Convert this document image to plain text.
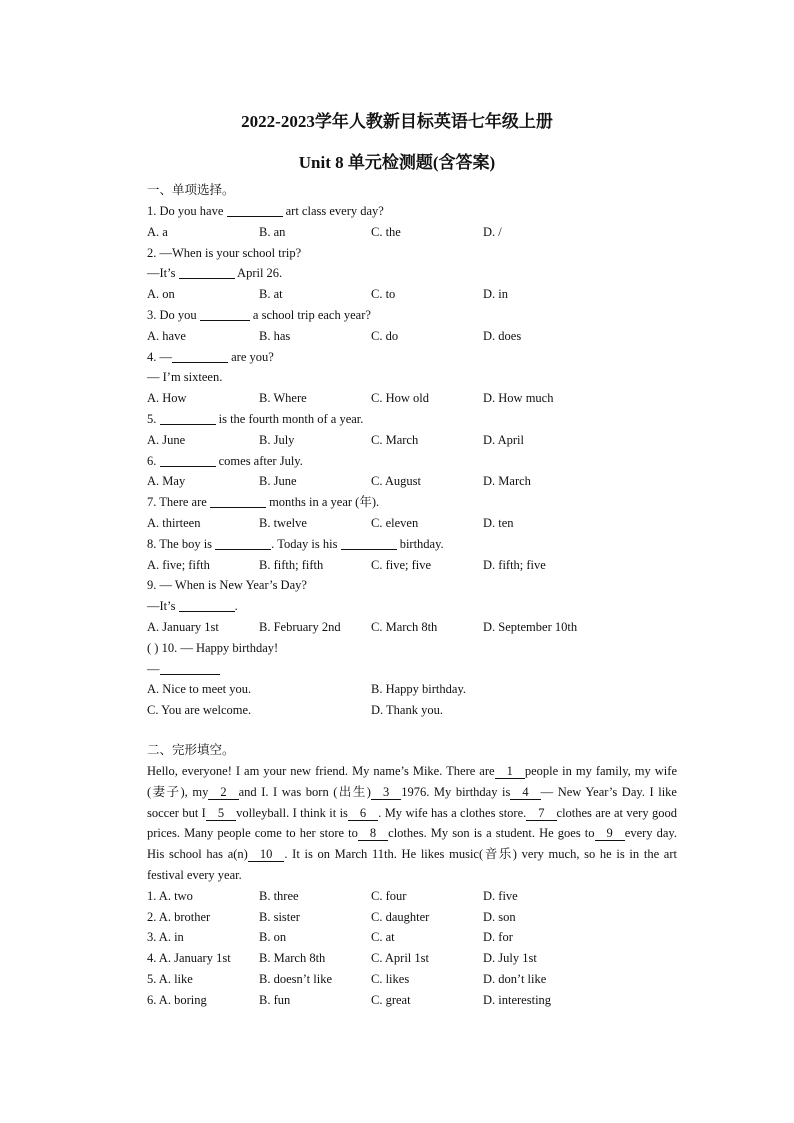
2022-2023学年人教新目标英语七年级上册
Unit 8 单元检测题(含答案)
一、单项选择。
1. Do you have	art class every day?
A. a	B. an	C. the	D. /
2. —When is your school trip?
—It’s	April 26.
A. on	B. at	C. to	D. in
3. Do you	a school trip each year?
A. have	B. has	C. do	D. does
4. —	are you?
— I’m sixteen.
A. How	B. Where	C. How old	D. How much
5.	is the fourth month of a year.
A. June	B. July	C. March	D. April
6.	comes after July.
A. May	B. June	C. August	D. March
7. There are	months in a year (年).
A. thirteen	B. twelve	C. eleven	D. ten
8. The boy is	. Today is his	birthday.
A. five; fifth	B. fifth; fifth	C. five; five	D. fifth; five
9. — When is New Year’s Day?
—It’s	.
A. January 1st	B. February 2nd	C. March 8th	D. September 10th
( ) 10. — Happy birthday!
—
A. Nice to meet you.	B. Happy birthday.
C. You are welcome.	D. Thank you.
二、完形填空。
Hello, everyone! I am your new friend. My name’s Mike. There are 1 people in my family, my wife (妻子), my 2 and I. I was born (出生) 3 1976. My birthday is 4 — New Year’s Day. I like soccer but I 5 volleyball. I think it is 6 . My wife has a clothes store. 7 clothes are at very good prices. Many people come to her store to 8 clothes. My son is a student. He goes to 9 every day. His school has a(n) 10 . It is on March 11th. He likes music(音乐) very much, so he is in the art festival every year.
1. A. two	B. three	C. four	D. five
2. A. brother	B. sister	C. daughter	D. son
3. A. in	B. on	C. at	D. for
4. A. January 1st	B. March 8th	C. April 1st	D. July 1st
5. A. like	B. doesn’t like	C. likes	D. don’t like
6. A. boring	B. fun	C. great	D. interesting
